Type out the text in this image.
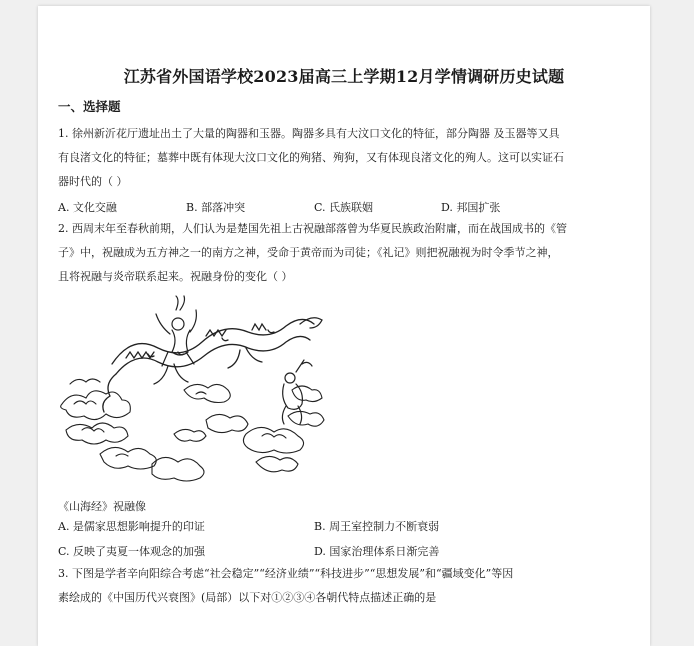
江苏省外国语学校2023届高三上学期12月学情调研历史试题
一、选择题
1. 徐州新沂花厅遗址出土了大量的陶器和玉器。陶器多具有大汶口文化的特征，部分陶器 及玉器等又具
有良渚文化的特征；墓葬中既有体现大汶口文化的殉猪、殉狗，又有体现良渚文化的殉人。这可以实证石
器时代的（ ）
A. 文化交融	B. 部落冲突	C. 氏族联姻	D. 邦国扩张
2. 西周末年至春秋前期，人们认为是楚国先祖上古祝融部落曾为华夏民族政治附庸，而在战国成书的《管
子》中，祝融成为五方神之一的南方之神，受命于黄帝而为司徒；《礼记》则把祝融视为时令季节之神，
且将祝融与炎帝联系起来。祝融身份的变化（ ）
《山海经》祝融像
A. 是儒家思想影响提升的印证	B. 周王室控制力不断衰弱
C. 反映了夷夏一体观念的加强	D. 国家治理体系日渐完善
3. 下图是学者辛向阳综合考虑“社会稳定”“经济业绩”“科技进步”“思想发展”和“疆域变化”等因
素绘成的《中国历代兴衰图》(局部）以下对①②③④各朝代特点描述正确的是
